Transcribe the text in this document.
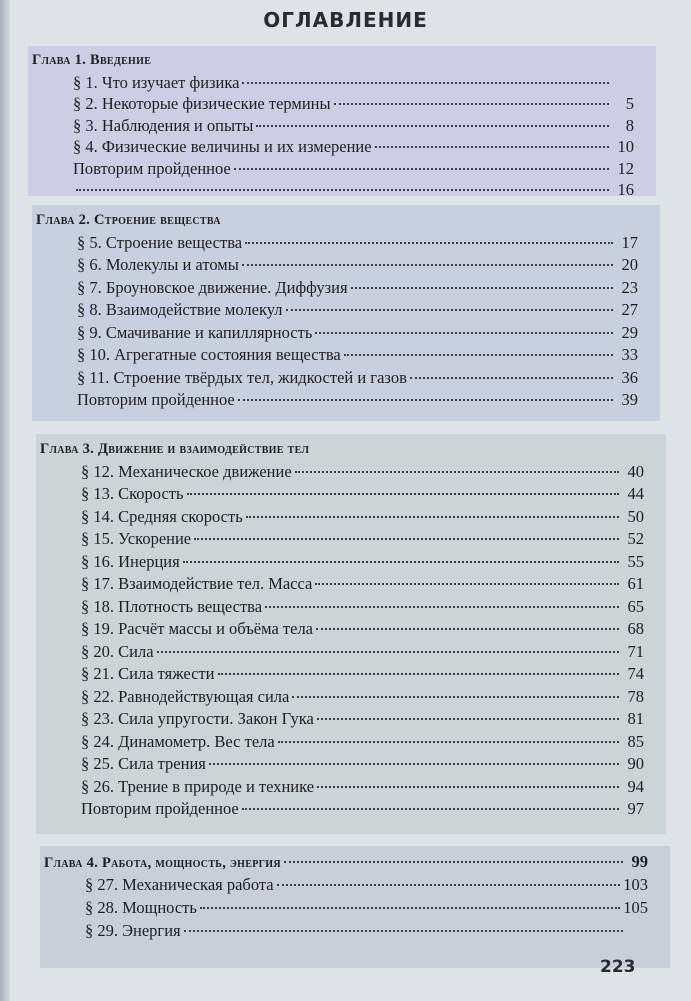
ОГЛАВЛЕНИЕ
Глава 1. Введение
§ 1. Что изучает физика
§ 2. Некоторые физические термины	5
§ 3. Наблюдения и опыты	8
§ 4. Физические величины и их измерение	10
Повторим пройденное	12
16
Глава 2. Строение вещества
§ 5. Строение вещества	17
§ 6. Молекулы и атомы	20
§ 7. Броуновское движение. Диффузия	23
§ 8. Взаимодействие молекул	27
§ 9. Смачивание и капиллярность	29
§ 10. Агрегатные состояния вещества	33
§ 11. Строение твёрдых тел, жидкостей и газов	36
Повторим пройденное	39
Глава 3. Движение и взаимодействие тел
§ 12. Механическое движение	40
§ 13. Скорость	44
§ 14. Средняя скорость	50
§ 15. Ускорение	52
§ 16. Инерция	55
§ 17. Взаимодействие тел. Масса	61
§ 18. Плотность вещества	65
§ 19. Расчёт массы и объёма тела	68
§ 20. Сила	71
§ 21. Сила тяжести	74
§ 22. Равнодействующая сила	78
§ 23. Сила упругости. Закон Гука	81
§ 24. Динамометр. Вес тела	85
§ 25. Сила трения	90
§ 26. Трение в природе и технике	94
Повторим пройденное	97
Глава 4. Работа, мощность, энергия	99
§ 27. Механическая работа	103
§ 28. Мощность	105
§ 29. Энергия
223
